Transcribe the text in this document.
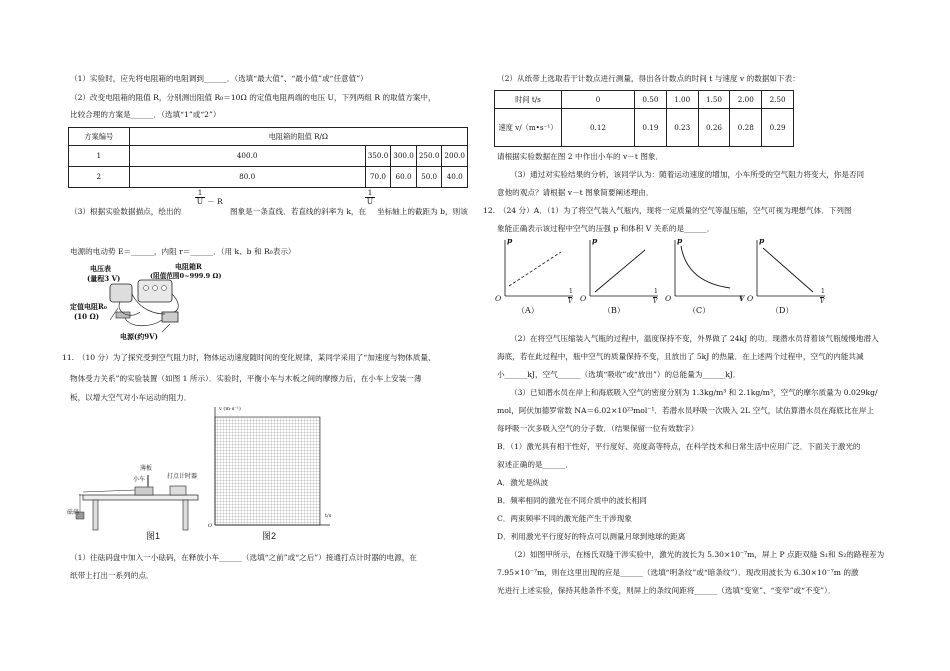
（1）实验时，应先将电阻箱的电阻调到______．（选填“最大值”、“最小值”或“任意值”）
（2）改变电阻箱的阻值 R，分别测出阻值 R₀＝10Ω 的定值电阻两端的电压 U，下列两组 R 的取值方案中，
比较合理的方案是______．（选填“1”或“2”）
方案编号	电阻箱的阻值 R/Ω				
1	400.0	350.0	300.0	250.0	200.0
2	80.0	70.0	60.0	50.0	40.0
（3）根据实验数据描点，绘出的
1
U － R
图象是一条直线．若直线的斜率为 k，在
1
U
坐标轴上的截距为 b，则该
电源的电动势 E＝______，内阻 r＝______．（用 k、b 和 R₀表示）
电压表
(量程3 V)
电阻箱R
(阻值范围0~999.9 Ω)
定值电阻R₀
(10 Ω)
电源(约9V)
11.　（10 分）为了探究受到空气阻力时，物体运动速度随时间的变化规律，某同学采用了“加速度与物体质量、
物体受力关系”的实验装置（如图 1 所示）．实验时，平衡小车与木板之间的摩擦力后，在小车上安装一薄
板，以增大空气对小车运动的阻力．
薄板
小车	打点计时器
砝码
图1
v (m·s⁻¹)
t/s
O
图2
（1）往砝码盘中加入一小砝码，在释放小车______（选填“之前”或“之后”）接通打点计时器的电源，在
纸带上打出一系列的点．
（2）从纸带上选取若干计数点进行测量，得出各计数点的时间 t 与速度 v 的数据如下表：
时间 t/s	0	0.50	1.00	1.50	2.00	2.50
速度 v/（m•s⁻¹）	0.12	0.19	0.23	0.26	0.28	0.29
请根据实验数据在图 2 中作出小车的 v－t 图象．
（3）通过对实验结果的分析，该同学认为：随着运动速度的增加，小车所受的空气阻力将变大，你是否同
意他的观点？请根据 v－t 图象简要阐述理由．
12.　（24 分）A．（1）为了将空气装入气瓶内，现将一定质量的空气等温压缩，空气可视为理想气体．下列图
象能正确表示该过程中空气的压强 p 和体积 V 关系的是______．
p
O
1
V
p
O
1
V
p
O	V
p
O
1
V
（A）	（B）	（C）	（D）
（2）在将空气压缩装入气瓶的过程中，温度保持不变，外界做了 24kJ 的功．现潜水员背着该气瓶缓慢地潜入
海底，若在此过程中，瓶中空气的质量保持不变，且放出了 5kJ 的热量．在上述两个过程中，空气的内能共减
小______kJ，空气______（选填“吸收”或“放出”）的总能量为______kJ．
（3）已知潜水员在岸上和海底吸入空气的密度分别为 1.3kg/m³ 和 2.1kg/m³，空气的摩尔质量为 0.029kg/
mol，阿伏加德罗常数 NA＝6.02×10²³mol⁻¹．若潜水员呼吸一次吸入 2L 空气，试估算潜水员在海底比在岸上
每呼吸一次多吸入空气的分子数．（结果保留一位有效数字）
B．（1）激光具有相干性好，平行度好、亮度高等特点，在科学技术和日常生活中应用广泛．下面关于激光的
叙述正确的是______．
A．激光是纵波
B．频率相同的激光在不同介质中的波长相同
C．两束频率不同的激光能产生干涉现象
D．利用激光平行度好的特点可以测量月球到地球的距离
（2）如图甲所示，在杨氏双缝干涉实验中，激光的波长为 5.30×10⁻⁷m，屏上 P 点距双缝 S₁和 S₂的路程差为
7.95×10⁻⁷m，则在这里出现的应是______（选填“明条纹”或“暗条纹”）．现改用波长为 6.30×10⁻⁷m 的激
光进行上述实验，保持其他条件不变，则屏上的条纹间距将______（选填“变宽”、“变窄”或“不变”）．
